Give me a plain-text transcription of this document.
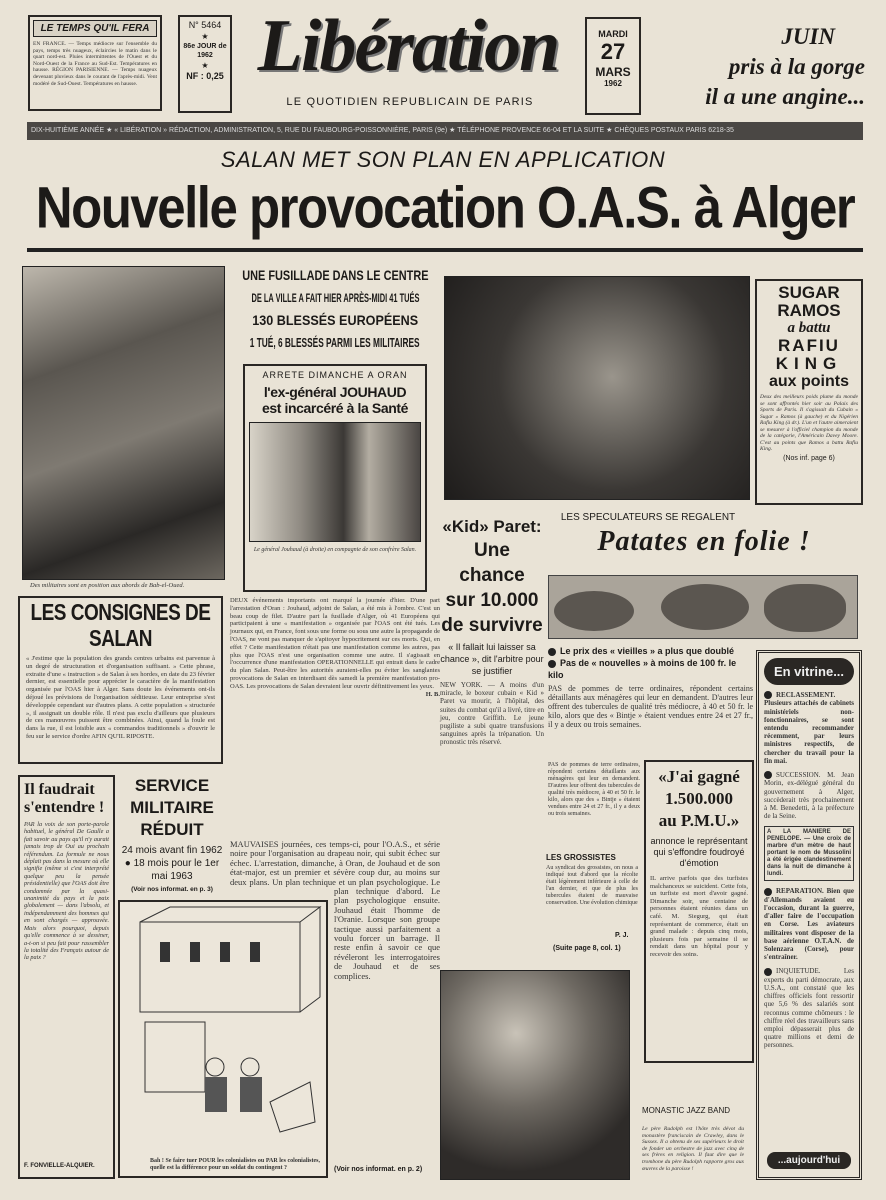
LE TEMPS QU'IL FERA
EN FRANCE. — Temps médiocre sur l'ensemble du pays, temps très nuageux, éclaircies le matin dans le quart nord-est. Pluies intermittentes de l'Ouest et du Nord-Ouest de la France au Sud-Est. Températures en hausse. RÉGION PARISIENNE. — Temps nuageux devenant pluvieux dans le courant de l'après-midi. Vent modéré de Sud-Ouest. Températures en hausse.
N° 5464
★
86e JOUR de 1962
★
NF : 0,25 Libération
LE QUOTIDIEN REPUBLICAIN DE PARIS
MARDI
27
MARS
1962
JUIN
pris à la gorge
il a une angine...
DIX-HUITIÈME ANNÉE ★ « LIBÉRATION » RÉDACTION, ADMINISTRATION, 5, RUE DU FAUBOURG-POISSONNIÈRE, PARIS (9e) ★ TÉLÉPHONE PROVENCE 66-04 ET LA SUITE ★ CHÈQUES POSTAUX PARIS 6218-35
SALAN MET SON PLAN EN APPLICATION
Nouvelle provocation O.A.S. à Alger
Des militaires sont en position aux abords de Bab-el-Oued.
UNE FUSILLADE DANS LE CENTRE
DE LA VILLE A FAIT HIER APRÈS-MIDI 41 TUÉS
130 BLESSÉS EUROPÉENS
1 TUÉ, 6 BLESSÉS PARMI LES MILITAIRES
ARRETE DIMANCHE A ORAN
l'ex-général JOUHAUD
est incarcéré à la Santé
Le général Jouhaud (à droite) en compagnie de son confrère Salan.
SUGAR
RAMOS
a battu
RAFIU
KING
aux points
Deux des meilleurs poids plume du monde se sont affrontés hier soir au Palais des Sports de Paris. Il s'agissait du Cubain « Sugar » Ramos (à gauche) et du Nigérien Rafiu King (à dr.). L'un et l'autre aimeraient se mesurer à l'officiel champion du monde de la catégorie, l'Américain Davey Moore. C'est au points que Ramos a battu Rafiu King.
(Nos inf. page 6)
«Kid» Paret:
Une chance
sur 10.000
de survivre
« Il fallait lui laisser sa chance », dit l'arbitre pour se justifier
NEW YORK. — A moins d'un miracle, le boxeur cubain « Kid » Paret va mourir, à l'hôpital, des suites du combat qu'il a livré, titre en jeu, contre Griffith. Le jeune pugiliste a subi quatre transfusions sanguines après la trépanation. Un pronostic très réservé.
LES SPECULATEURS SE REGALENT
Patates en folie !
Le prix des « vieilles » a plus que doublé
Pas de « nouvelles » à moins de 100 fr. le kilo
PAS de pommes de terre ordinaires, répondent certains détaillants aux ménagères qui leur en demandent. D'autres leur offrent des tubercules de qualité très médiocre, à 40 et 50 fr. le kilo, alors que des « Bintje » étaient vendues entre 24 et 27 fr., il y a deux ou trois semaines.
PAS de pommes de terre ordinaires, répondent certains détaillants aux ménagères qui leur en demandent. D'autres leur offrent des tubercules de qualité très médiocre, à 40 et 50 fr. le kilo, alors que des « Bintje » étaient vendues entre 24 et 27 fr., il y a deux ou trois semaines.
LES GROSSISTES
Au syndicat des grossistes, on nous a indiqué tout d'abord que la récolte était légèrement inférieure à celle de l'an dernier, et que de plus les tubercules étaient de mauvaise conservation. Une évolution chimique
P. J.
(Suite page 8, col. 1)
«J'ai gagné
1.500.000
au P.M.U.»
annonce le représentant qui s'effondre foudroyé d'émotion
IL arrive parfois que des turfistes malchanceux se suicident. Cette fois, un turfiste est mort d'avoir gagné. Dimanche soir, une centaine de personnes étaient réunies dans un café. M. Siegurg, qui était représentant de commerce, était un grand malade : depuis cinq mois, plusieurs fois par semaine il se rendait dans un hôpital pour y recevoir des soins.
En vitrine...
RECLASSEMENT. Plusieurs attachés de cabinets ministériels non-fonctionnaires, se sont entendu recommander récemment, par leurs ministres respectifs, de chercher du travail pour la fin mai.
SUCCESSION. M. Jean Morin, ex-délégué général du gouvernement à Alger, succèderait très prochainement à M. Benedetti, à la préfecture de la Seine.
A LA MANIERE DE PENELOPE. — Une croix de marbre d'un mètre de haut portant le nom de Mussolini a été érigée clandestinement dans la nuit de dimanche à lundi.
REPARATION. Bien que d'Allemands avaient eu l'occasion, durant la guerre, d'aller faire de l'occupation en Corse. Les aviateurs militaires vont disposer de la base aérienne O.T.A.N. de Solenzara (Corse), pour s'entraîner.
INQUIETUDE.	Les experts du parti démocrate, aux U.S.A., ont constaté que les chiffres officiels font ressortir que 5,6 % des salariés sont reconnus comme chômeurs : le chiffre réel des travailleurs sans emploi dépasserait plus de quatre millions et demi de personnes.
...aujourd'hui
LES CONSIGNES DE SALAN
« J'estime que la population des grands centres urbains est parvenue à un degré de structuration et d'organisation suffisant. » Cette phrase, extraite d'une « instruction » de Salan à ses hordes, en date du 23 février dernier, est essentielle pour apprécier le caractère de la manifestation organisée par l'OAS hier à Alger. Sans doute les événements ont-ils déjoué les prévisions de l'organisation séditieuse. Leur entreprise s'est développée cependant sur d'autres plans. A cette population « structurée », il assignait un double rôle. Il n'est pas exclu d'ailleurs que plusieurs de ces manœuvres puissent être combinées. Ainsi, quand la foule est dans la rue, il est loisible aux « commandos traditionnels » d'ouvrir le feu sur le service d'ordre AFIN QU'IL RIPOSTE.
DEUX événements importants ont marqué la journée d'hier. D'une part l'arrestation d'Oran : Jouhaud, adjoint de Salan, a été mis à l'ombre. C'est un beau coup de filet. D'autre part la fusillade d'Alger, où 41 Européens qui participaient à une « manifestation » organisée par l'OAS ont été tués. Les journaux qui, en France, font sous une forme ou sous une autre la propagande de l'OAS, ne vont pas manquer de s'apitoyer hypocritement sur ces morts. Qui, en effet ? Cette manifestation n'était pas une manifestation comme les autres, pas plus que l'OAS n'est une organisation comme une autre. Il s'agissait en l'occurrence d'une manifestation OPERATIONNELLE qui entrait dans le cadre du plan Salan. Peut-être les autorités auraient-elles pu éviter les sanglantes provocations de Salan en interdisant dès samedi la première manifestation pro-OAS. Les provocations de Salan devraient leur ouvrir définitivement les yeux.
H. B.
MAUVAISES journées, ces temps-ci, pour l'O.A.S., et série noire pour l'organisation au drapeau noir, qui subit échec sur échec. L'arrestation, dimanche, à Oran, de Jouhaud et de son état-major, est un premier et sévère coup dur, au moins sur deux plans. Un plan technique et un plan psychologique. Le plan technique d'abord. Le plan psychologique ensuite. Jouhaud était l'homme de l'Oranie. Lorsque son groupe tactique aussi parfaitement a voulu forcer un barrage. Il reste enfin à savoir ce que révéleront les interrogatoires de Jouhaud et de ses complices.
(Voir nos informat. en p. 2)
Il faudrait s'entendre !
PAR la voix de son porte-parole habituel, le général De Gaulle a fait savoir au pays qu'il n'y aurait jamais trop de Oui au prochain référendum. La formule ne nous déplait pas dans la mesure où elle signifie (même si c'est interprété quelque peu la pensée présidentielle) que l'OAS doit être condamnée par la quasi-unanimité du pays et la paix globalement — dans l'absolu, et indépendamment des hommes qui en sont chargés — approuvée. Mais alors pourquoi, depuis qu'elle commence à se dessiner, a-t-on si peu fait pour rassembler la totalité des Français autour de la paix ?
F. FONVIELLE-ALQUIER.
SERVICE
MILITAIRE
RÉDUIT
24 mois avant fin 1962 ● 18 mois pour le 1er mai 1963
(Voir nos informat. en p. 3)
Bah ! Se faire tuer POUR les colonialistes ou PAR les colonialistes, quelle est la différence pour un soldat du contingent ?
MONASTIC JAZZ BAND
Le père Rudolph est l'hôte très dévot du monastère franciscain de Crawley, dans le Sussex. Il a obtenu de ses supérieurs le droit de fonder un orchestre de jazz avec cinq de ses frères en religion. Il faut dire que le trombone du père Rudolph rapporte gros aux œuvres de la paroisse !
